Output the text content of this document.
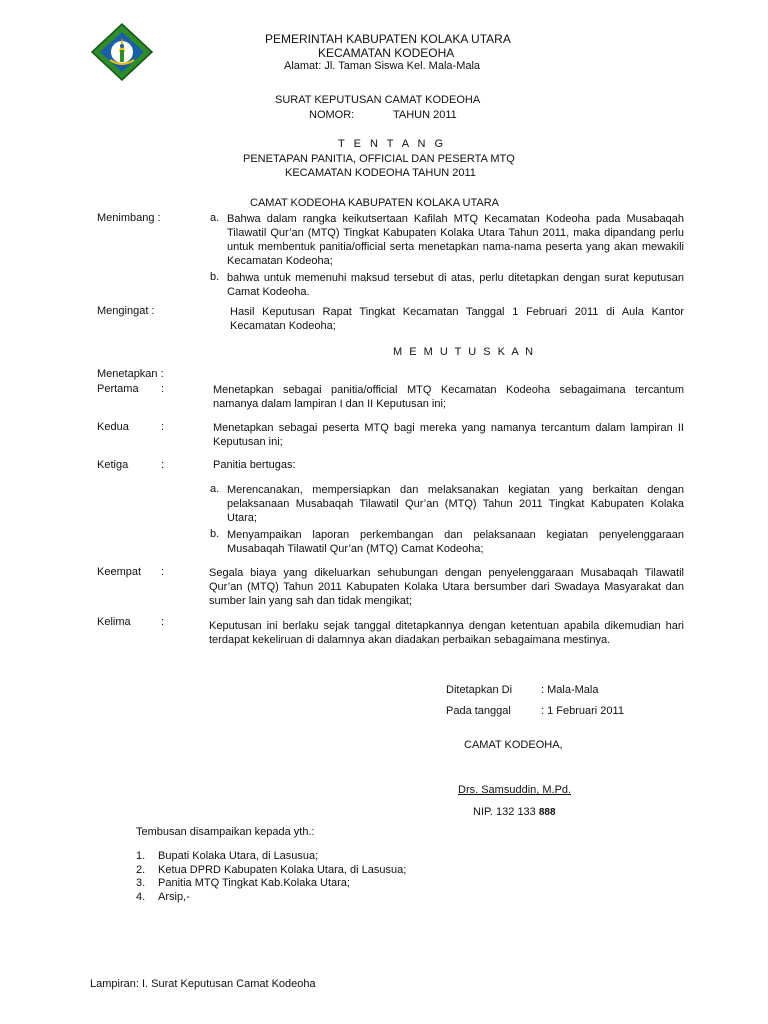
PEMERINTAH KABUPATEN KOLAKA UTARA
KECAMATAN KODEOHA
Alamat: Jl. Taman Siswa Kel. Mala-Mala
SURAT KEPUTUSAN CAMAT KODEOHA
NOMOR:	TAHUN 2011
T E N T A N G
PENETAPAN PANITIA, OFFICIAL DAN PESERTA MTQ
KECAMATAN KODEOHA TAHUN 2011
CAMAT KODEOHA KABUPATEN KOLAKA UTARA
Menimbang :	a. Bahwa dalam rangka keikutsertaan Kafilah MTQ Kecamatan Kodeoha pada Musabaqah Tilawatil Qur’an (MTQ) Tingkat Kabupaten Kolaka Utara Tahun 2011, maka dipandang perlu untuk membentuk panitia/official serta menetapkan nama-nama peserta yang akan mewakili Kecamatan Kodeoha;
b. bahwa untuk memenuhi maksud tersebut di atas, perlu ditetapkan dengan surat keputusan Camat Kodeoha.
Mengingat :	Hasil Keputusan Rapat Tingkat Kecamatan Tanggal 1 Februari 2011 di Aula Kantor Kecamatan Kodeoha;
M E M U T U S K A N
Menetapkan :
Pertama :	Menetapkan sebagai panitia/official MTQ Kecamatan Kodeoha sebagaimana tercantum namanya dalam lampiran I dan II Keputusan ini;
Kedua	:	Menetapkan sebagai peserta MTQ bagi mereka yang namanya tercantum dalam lampiran II Keputusan ini;
Ketiga	:	Panitia bertugas:
a. Merencanakan, mempersiapkan dan melaksanakan kegiatan yang berkaitan dengan pelaksanaan Musabaqah Tilawatil Qur’an (MTQ) Tahun 2011 Tingkat Kabupaten Kolaka Utara;
b. Menyampaikan laporan perkembangan dan pelaksanaan kegiatan penyelenggaraan Musabaqah Tilawatil Qur’an (MTQ) Camat Kodeoha;
Keempat :	Segala biaya yang dikeluarkan sehubungan dengan penyelenggaraan Musabaqah Tilawatil Qur’an (MTQ) Tahun 2011 Kabupaten Kolaka Utara bersumber dari Swadaya Masyarakat dan sumber lain yang sah dan tidak mengikat;
Kelima	:	Keputusan ini berlaku sejak tanggal ditetapkannya dengan ketentuan apabila dikemudian hari terdapat kekeliruan di dalamnya akan diadakan perbaikan sebagaimana mestinya.
Ditetapkan Di	: Mala-Mala
Pada tanggal	: 1 Februari 2011
CAMAT KODEOHA,
Drs. Samsuddin, M.Pd.
NIP. 132 133 888
Tembusan disampaikan kepada yth.:
1. Bupati Kolaka Utara, di Lasusua;
2. Ketua DPRD Kabupaten Kolaka Utara, di Lasusua;
3. Panitia MTQ Tingkat Kab.Kolaka Utara;
4. Arsip,-
Lampiran: I. Surat Keputusan Camat Kodeoha
